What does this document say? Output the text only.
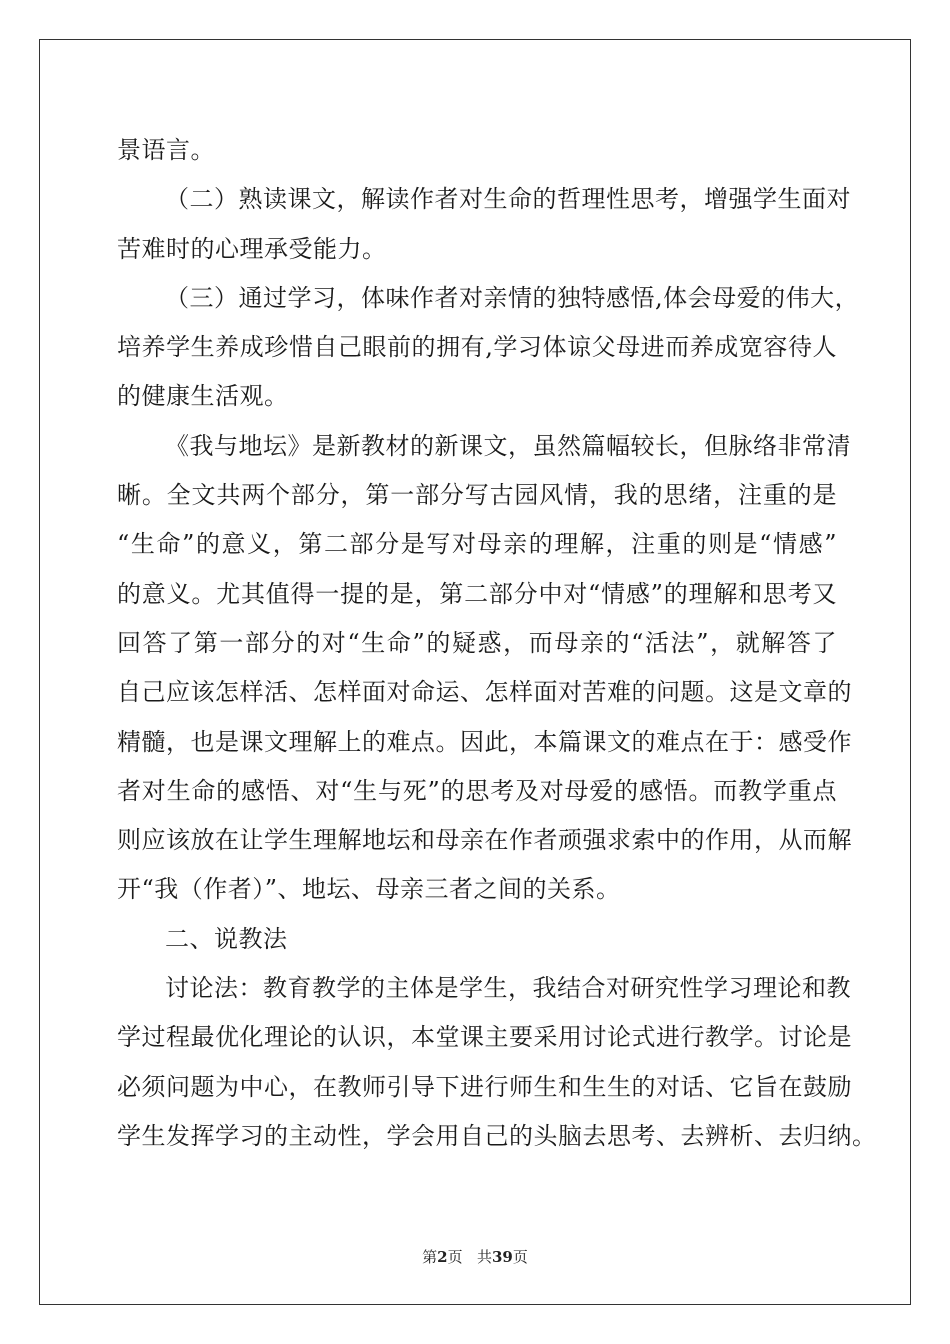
景语言。
（二）熟读课文，解读作者对生命的哲理性思考，增强学生面对
苦难时的心理承受能力。
（三）通过学习，体味作者对亲情的独特感悟,体会母爱的伟大，
培养学生养成珍惜自己眼前的拥有,学习体谅父母进而养成宽容待人
的健康生活观。
《我与地坛》是新教材的新课文，虽然篇幅较长，但脉络非常清
晰。全文共两个部分，第一部分写古园风情，我的思绪，注重的是
“生命”的意义，第二部分是写对母亲的理解，注重的则是“情感”
的意义。尤其值得一提的是，第二部分中对“情感”的理解和思考又
回答了第一部分的对“生命”的疑惑，而母亲的“活法”，就解答了
自己应该怎样活、怎样面对命运、怎样面对苦难的问题。这是文章的
精髓，也是课文理解上的难点。因此，本篇课文的难点在于：感受作
者对生命的感悟、对“生与死”的思考及对母爱的感悟。而教学重点
则应该放在让学生理解地坛和母亲在作者顽强求索中的作用，从而解
开“我（作者）”、地坛、母亲三者之间的关系。
二、说教法
讨论法：教育教学的主体是学生，我结合对研究性学习理论和教
学过程最优化理论的认识，本堂课主要采用讨论式进行教学。讨论是
必须问题为中心，在教师引导下进行师生和生生的对话、它旨在鼓励
学生发挥学习的主动性，学会用自己的头脑去思考、去辨析、去归纳。
第2页 共39页
